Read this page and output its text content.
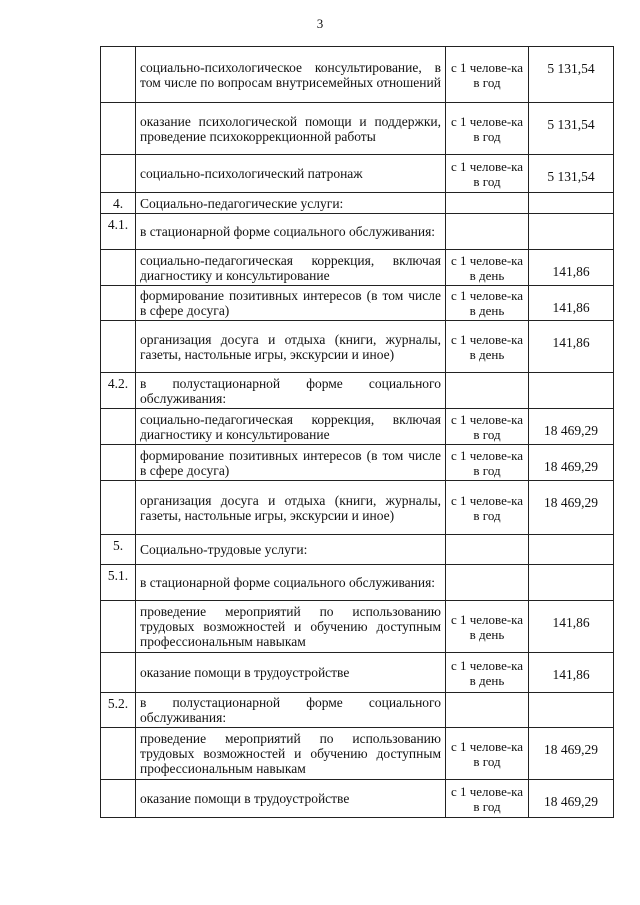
3
	социально-психологическое консультирование, в том числе по вопросам внутрисемейных отношений	с 1 челове-ка в год	5 131,54
	оказание психологической помощи и поддержки, проведение психокоррекционной работы	с 1 челове-ка в год	5 131,54
	социально-психологический патронаж	с 1 челове-ка в год	5 131,54
4.	Социально-педагогические услуги:		
4.1.	в стационарной форме социального обслуживания:		
	социально-педагогическая коррекция, включая диагностику и консультирование	с 1 челове-ка в день	141,86
	формирование позитивных интересов (в том числе в сфере досуга)	с 1 челове-ка в день	141,86
	организация досуга и отдыха (книги, журналы, газеты, настольные игры, экскурсии и иное)	с 1 челове-ка в день	141,86
4.2.	в полустационарной форме социального обслуживания:		
	социально-педагогическая коррекция, включая диагностику и консультирование	с 1 челове-ка в год	18 469,29
	формирование позитивных интересов (в том числе в сфере досуга)	с 1 челове-ка в год	18 469,29
	организация досуга и отдыха (книги, журналы, газеты, настольные игры, экскурсии и иное)	с 1 челове-ка в год	18 469,29
5.	Социально-трудовые услуги:		
5.1.	в стационарной форме социального обслуживания:		
	проведение мероприятий по использованию трудовых возможностей и обучению доступным профессиональным навыкам	с 1 челове-ка в день	141,86
	оказание помощи в трудоустройстве	с 1 челове-ка в день	141,86
5.2.	в полустационарной форме социального обслуживания:		
	проведение мероприятий по использованию трудовых возможностей и обучению доступным профессиональным навыкам	с 1 челове-ка в год	18 469,29
	оказание помощи в трудоустройстве	с 1 челове-ка в год	18 469,29
